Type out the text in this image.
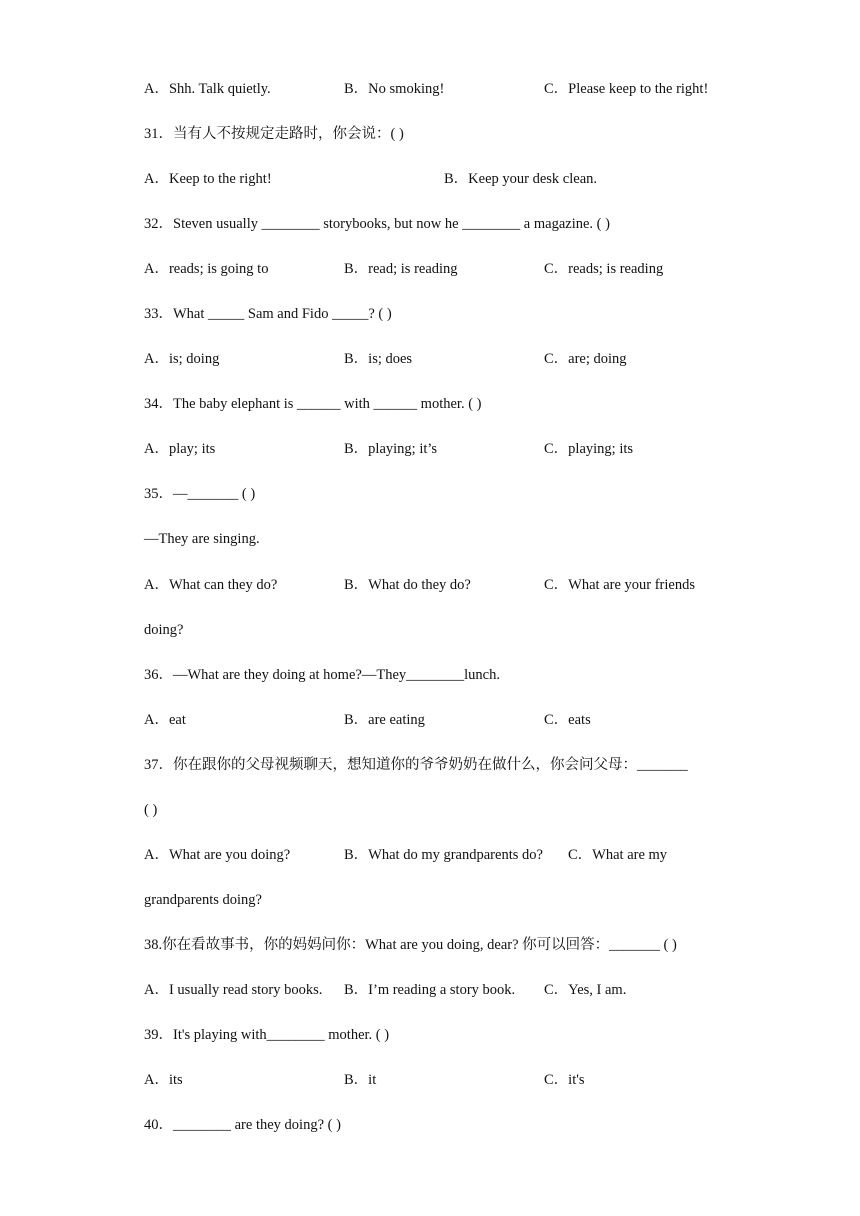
A．Shh. Talk quietly.	B．No smoking!	C．Please keep to the right!
31．当有人不按规定走路时，你会说：( )
A．Keep to the right!	B．Keep your desk clean.
32．Steven usually ________ storybooks, but now he ________ a magazine. ( )
A．reads; is going to	B．read; is reading	C．reads; is reading
33．What _____ Sam and Fido _____? ( )
A．is; doing	B．is; does	C．are; doing
34．The baby elephant is ______ with ______ mother. ( )
A．play; its	B．playing; it’s	C．playing; its
35．—_______ ( )
—They are singing.
A．What can they do?	B．What do they do?	C．What are your friends
doing?
36．—What are they doing at home?—They________lunch.
A．eat	B．are eating	C．eats
37．你在跟你的父母视频聊天，想知道你的爷爷奶奶在做什么，你会问父母：_______
( )
A．What are you doing?	B．What do my grandparents do? C．What are my
grandparents doing?
38.你在看故事书，你的妈妈问你：What are you doing, dear? 你可以回答：_______ ( )
A．I usually read story books. B．I’m reading a story book. C．Yes, I am.
39．It's playing with________ mother. ( )
A．its	B．it	C．it's
40．________ are they doing? ( )
